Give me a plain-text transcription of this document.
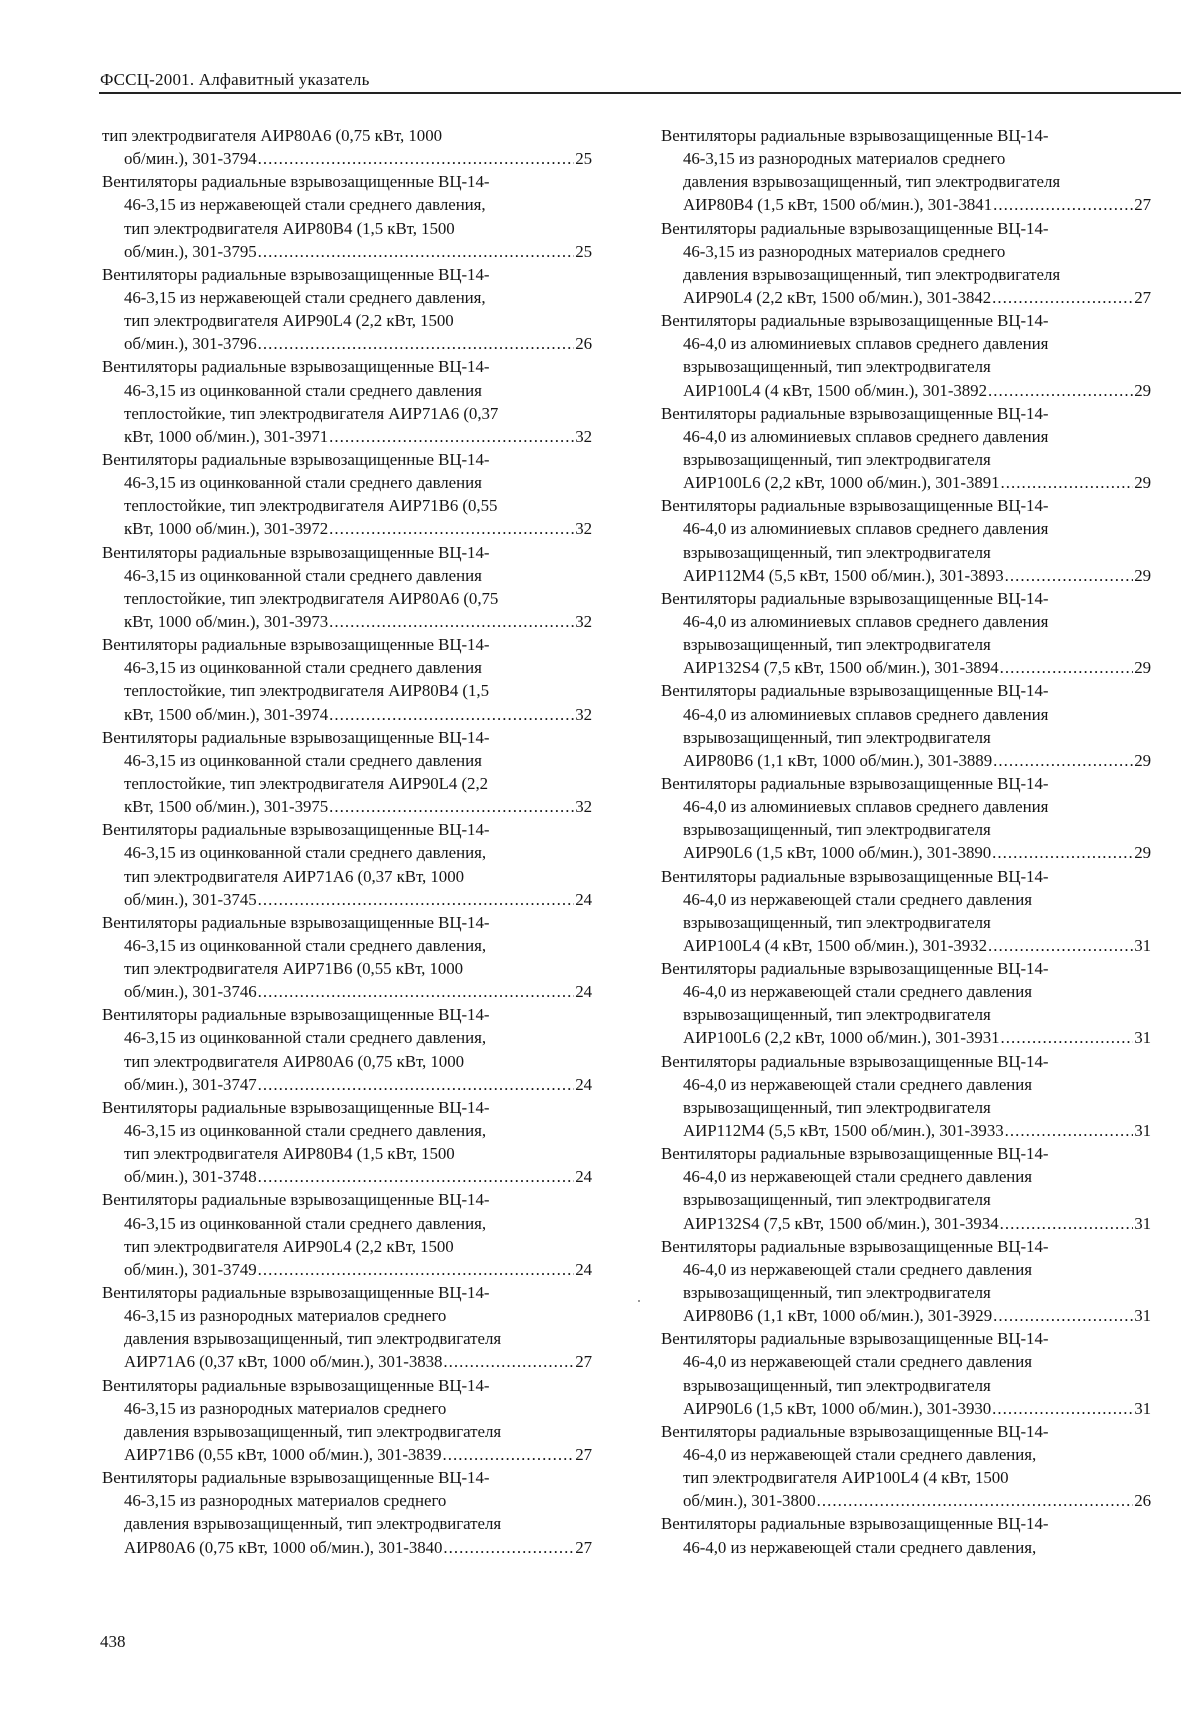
ФССЦ-2001. Алфавитный указатель
тип электродвигателя АИР80А6 (0,75 кВт, 1000
об/мин.), 301-3794 . . .	25
Вентиляторы радиальные взрывозащищенные ВЦ-14-
46-3,15 из нержавеющей стали среднего давления,
тип электродвигателя АИР80В4 (1,5 кВт, 1500
об/мин.), 301-3795 . . .	25
Вентиляторы радиальные взрывозащищенные ВЦ-14-
46-3,15 из нержавеющей стали среднего давления,
тип электродвигателя АИР90L4 (2,2 кВт, 1500
об/мин.), 301-3796 . . .	26
Вентиляторы радиальные взрывозащищенные ВЦ-14-
46-3,15 из оцинкованной стали среднего давления
теплостойкие, тип электродвигателя АИР71А6 (0,37
кВт, 1000 об/мин.), 301-3971 . . .	32
Вентиляторы радиальные взрывозащищенные ВЦ-14-
46-3,15 из оцинкованной стали среднего давления
теплостойкие, тип электродвигателя АИР71В6 (0,55
кВт, 1000 об/мин.), 301-3972 . . .	32
Вентиляторы радиальные взрывозащищенные ВЦ-14-
46-3,15 из оцинкованной стали среднего давления
теплостойкие, тип электродвигателя АИР80А6 (0,75
кВт, 1000 об/мин.), 301-3973 . . .	32
Вентиляторы радиальные взрывозащищенные ВЦ-14-
46-3,15 из оцинкованной стали среднего давления
теплостойкие, тип электродвигателя АИР80В4 (1,5
кВт, 1500 об/мин.), 301-3974 . . .	32
Вентиляторы радиальные взрывозащищенные ВЦ-14-
46-3,15 из оцинкованной стали среднего давления
теплостойкие, тип электродвигателя АИР90L4 (2,2
кВт, 1500 об/мин.), 301-3975 . . .	32
Вентиляторы радиальные взрывозащищенные ВЦ-14-
46-3,15 из оцинкованной стали среднего давления,
тип электродвигателя АИР71А6 (0,37 кВт, 1000
об/мин.), 301-3745 . . .	24
Вентиляторы радиальные взрывозащищенные ВЦ-14-
46-3,15 из оцинкованной стали среднего давления,
тип электродвигателя АИР71В6 (0,55 кВт, 1000
об/мин.), 301-3746 . . .	24
Вентиляторы радиальные взрывозащищенные ВЦ-14-
46-3,15 из оцинкованной стали среднего давления,
тип электродвигателя АИР80А6 (0,75 кВт, 1000
об/мин.), 301-3747 . . .	24
Вентиляторы радиальные взрывозащищенные ВЦ-14-
46-3,15 из оцинкованной стали среднего давления,
тип электродвигателя АИР80В4 (1,5 кВт, 1500
об/мин.), 301-3748 . . .	24
Вентиляторы радиальные взрывозащищенные ВЦ-14-
46-3,15 из оцинкованной стали среднего давления,
тип электродвигателя АИР90L4 (2,2 кВт, 1500
об/мин.), 301-3749 . . .	24
Вентиляторы радиальные взрывозащищенные ВЦ-14-
46-3,15 из разнородных материалов среднего
давления взрывозащищенный, тип электродвигателя
АИР71А6 (0,37 кВт, 1000 об/мин.), 301-3838 . . .	27
Вентиляторы радиальные взрывозащищенные ВЦ-14-
46-3,15 из разнородных материалов среднего
давления взрывозащищенный, тип электродвигателя
АИР71В6 (0,55 кВт, 1000 об/мин.), 301-3839 . . .	27
Вентиляторы радиальные взрывозащищенные ВЦ-14-
46-3,15 из разнородных материалов среднего
давления взрывозащищенный, тип электродвигателя
АИР80А6 (0,75 кВт, 1000 об/мин.), 301-3840 . . .	27
Вентиляторы радиальные взрывозащищенные ВЦ-14-
46-3,15 из разнородных материалов среднего
давления взрывозащищенный, тип электродвигателя
АИР80В4 (1,5 кВт, 1500 об/мин.), 301-3841 . . .	27
Вентиляторы радиальные взрывозащищенные ВЦ-14-
46-3,15 из разнородных материалов среднего
давления взрывозащищенный, тип электродвигателя
АИР90L4 (2,2 кВт, 1500 об/мин.), 301-3842 . . .	27
Вентиляторы радиальные взрывозащищенные ВЦ-14-
46-4,0 из алюминиевых сплавов среднего давления
взрывозащищенный, тип электродвигателя
АИР100L4 (4 кВт, 1500 об/мин.), 301-3892 . . .	29
Вентиляторы радиальные взрывозащищенные ВЦ-14-
46-4,0 из алюминиевых сплавов среднего давления
взрывозащищенный, тип электродвигателя
АИР100L6 (2,2 кВт, 1000 об/мин.), 301-3891 . . .	29
Вентиляторы радиальные взрывозащищенные ВЦ-14-
46-4,0 из алюминиевых сплавов среднего давления
взрывозащищенный, тип электродвигателя
АИР112М4 (5,5 кВт, 1500 об/мин.), 301-3893 . . .	29
Вентиляторы радиальные взрывозащищенные ВЦ-14-
46-4,0 из алюминиевых сплавов среднего давления
взрывозащищенный, тип электродвигателя
АИР132S4 (7,5 кВт, 1500 об/мин.), 301-3894 . . .	29
Вентиляторы радиальные взрывозащищенные ВЦ-14-
46-4,0 из алюминиевых сплавов среднего давления
взрывозащищенный, тип электродвигателя
АИР80В6 (1,1 кВт, 1000 об/мин.), 301-3889 . . .	29
Вентиляторы радиальные взрывозащищенные ВЦ-14-
46-4,0 из алюминиевых сплавов среднего давления
взрывозащищенный, тип электродвигателя
АИР90L6 (1,5 кВт, 1000 об/мин.), 301-3890 . . .	29
Вентиляторы радиальные взрывозащищенные ВЦ-14-
46-4,0 из нержавеющей стали среднего давления
взрывозащищенный, тип электродвигателя
АИР100L4 (4 кВт, 1500 об/мин.), 301-3932 . . .	31
Вентиляторы радиальные взрывозащищенные ВЦ-14-
46-4,0 из нержавеющей стали среднего давления
взрывозащищенный, тип электродвигателя
АИР100L6 (2,2 кВт, 1000 об/мин.), 301-3931 . . .	31
Вентиляторы радиальные взрывозащищенные ВЦ-14-
46-4,0 из нержавеющей стали среднего давления
взрывозащищенный, тип электродвигателя
АИР112М4 (5,5 кВт, 1500 об/мин.), 301-3933 . . .	31
Вентиляторы радиальные взрывозащищенные ВЦ-14-
46-4,0 из нержавеющей стали среднего давления
взрывозащищенный, тип электродвигателя
АИР132S4 (7,5 кВт, 1500 об/мин.), 301-3934 . . .	31
Вентиляторы радиальные взрывозащищенные ВЦ-14-
46-4,0 из нержавеющей стали среднего давления
взрывозащищенный, тип электродвигателя
АИР80В6 (1,1 кВт, 1000 об/мин.), 301-3929 . . .	31
Вентиляторы радиальные взрывозащищенные ВЦ-14-
46-4,0 из нержавеющей стали среднего давления
взрывозащищенный, тип электродвигателя
АИР90L6 (1,5 кВт, 1000 об/мин.), 301-3930 . . .	31
Вентиляторы радиальные взрывозащищенные ВЦ-14-
46-4,0 из нержавеющей стали среднего давления,
тип электродвигателя АИР100L4 (4 кВт, 1500
об/мин.), 301-3800 . . .	26
Вентиляторы радиальные взрывозащищенные ВЦ-14-
46-4,0 из нержавеющей стали среднего давления,
438
